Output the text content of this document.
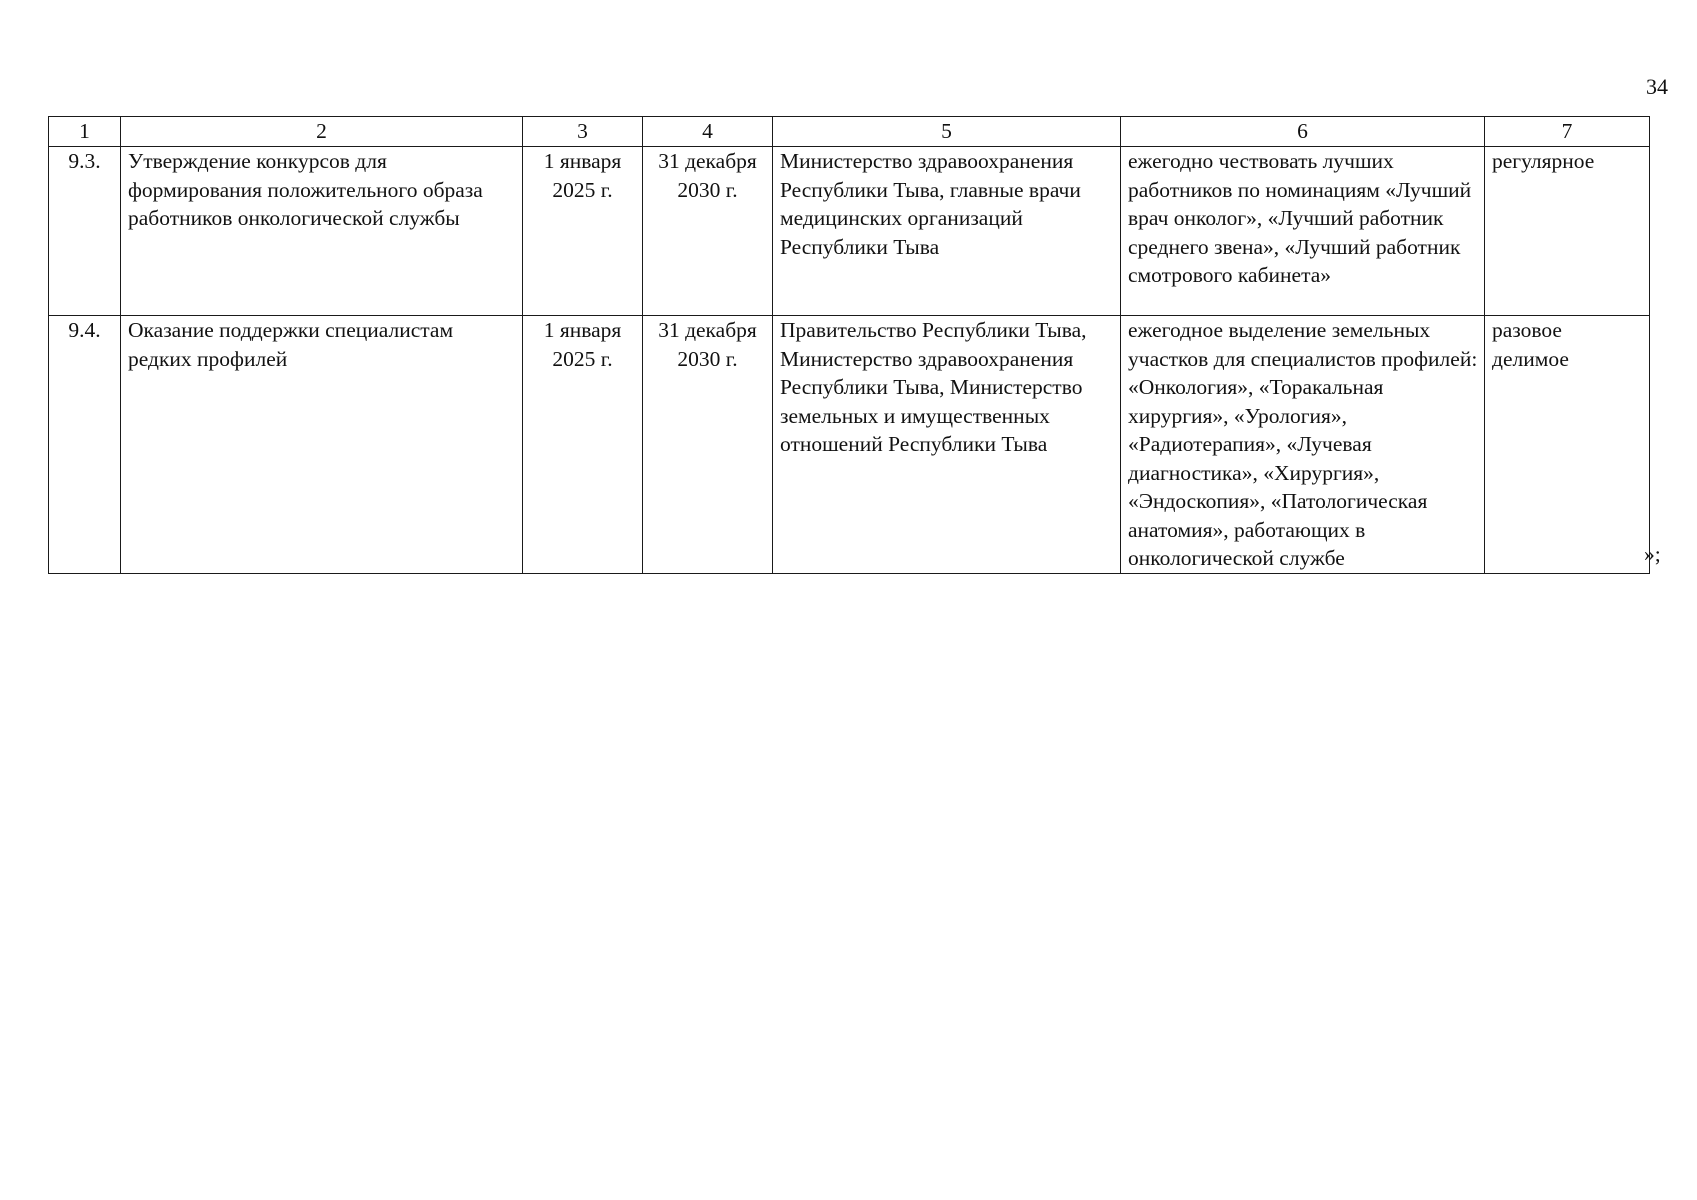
34
1	2	3	4	5	6	7
9.3.	Утверждение конкурсов для формирования положительного образа работников онкологической службы	1 января 2025 г.	31 декабря 2030 г.	Министерство здравоохранения Республики Тыва, главные врачи медицинских организаций Республики Тыва	ежегодно чествовать лучших работников по номинациям «Лучший врач онколог», «Лучший работник среднего звена», «Лучший работник смотрового кабинета»	регулярное
9.4.	Оказание поддержки специалистам редких профилей	1 января 2025 г.	31 декабря 2030 г.	Правительство Республики Тыва, Министерство здравоохранения Республики Тыва, Министерство земельных и имущественных отношений Республики Тыва	ежегодное выделение земельных участков для специалистов профилей: «Онкология», «Торакальная хирургия», «Урология», «Радиотерапия», «Лучевая диагностика», «Хирургия», «Эндоскопия», «Патологическая анатомия», работающих в онкологической службе	разовое делимое
»;
